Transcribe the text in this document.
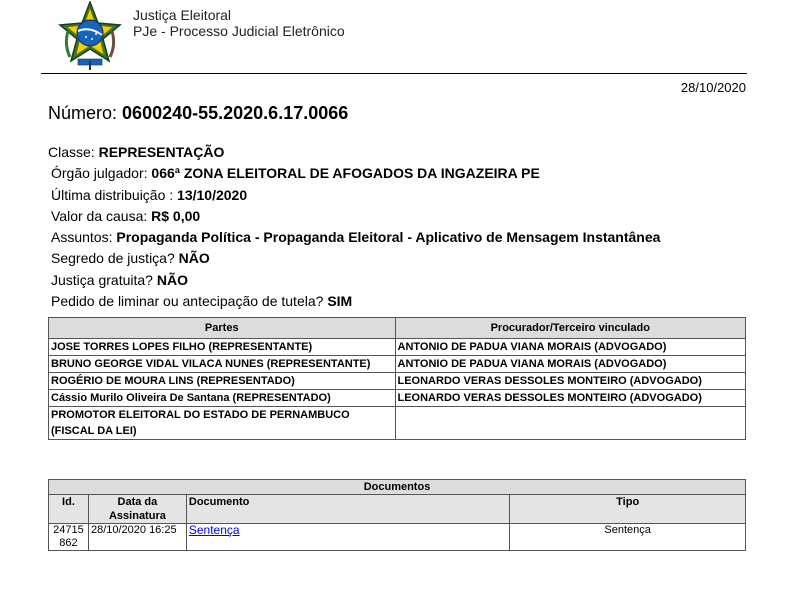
Justiça Eleitoral
PJe - Processo Judicial Eletrônico
28/10/2020
Número: 0600240-55.2020.6.17.0066
Classe: REPRESENTAÇÃO
Órgão julgador: 066ª ZONA ELEITORAL DE AFOGADOS DA INGAZEIRA PE
Última distribuição : 13/10/2020
Valor da causa: R$ 0,00
Assuntos: Propaganda Política - Propaganda Eleitoral - Aplicativo de Mensagem Instantânea
Segredo de justiça? NÃO
Justiça gratuita? NÃO
Pedido de liminar ou antecipação de tutela? SIM
Partes	Procurador/Terceiro vinculado
JOSE TORRES LOPES FILHO (REPRESENTANTE)	ANTONIO DE PADUA VIANA MORAIS (ADVOGADO)
BRUNO GEORGE VIDAL VILACA NUNES (REPRESENTANTE)	ANTONIO DE PADUA VIANA MORAIS (ADVOGADO)
ROGÉRIO DE MOURA LINS (REPRESENTADO)	LEONARDO VERAS DESSOLES MONTEIRO (ADVOGADO)
Cássio Murilo Oliveira De Santana (REPRESENTADO)	LEONARDO VERAS DESSOLES MONTEIRO (ADVOGADO)
PROMOTOR ELEITORAL DO ESTADO DE PERNAMBUCO (FISCAL DA LEI)	
Documentos			
Id.	Data da Assinatura	Documento	Tipo
24715862	28/10/2020 16:25	Sentença	Sentença
